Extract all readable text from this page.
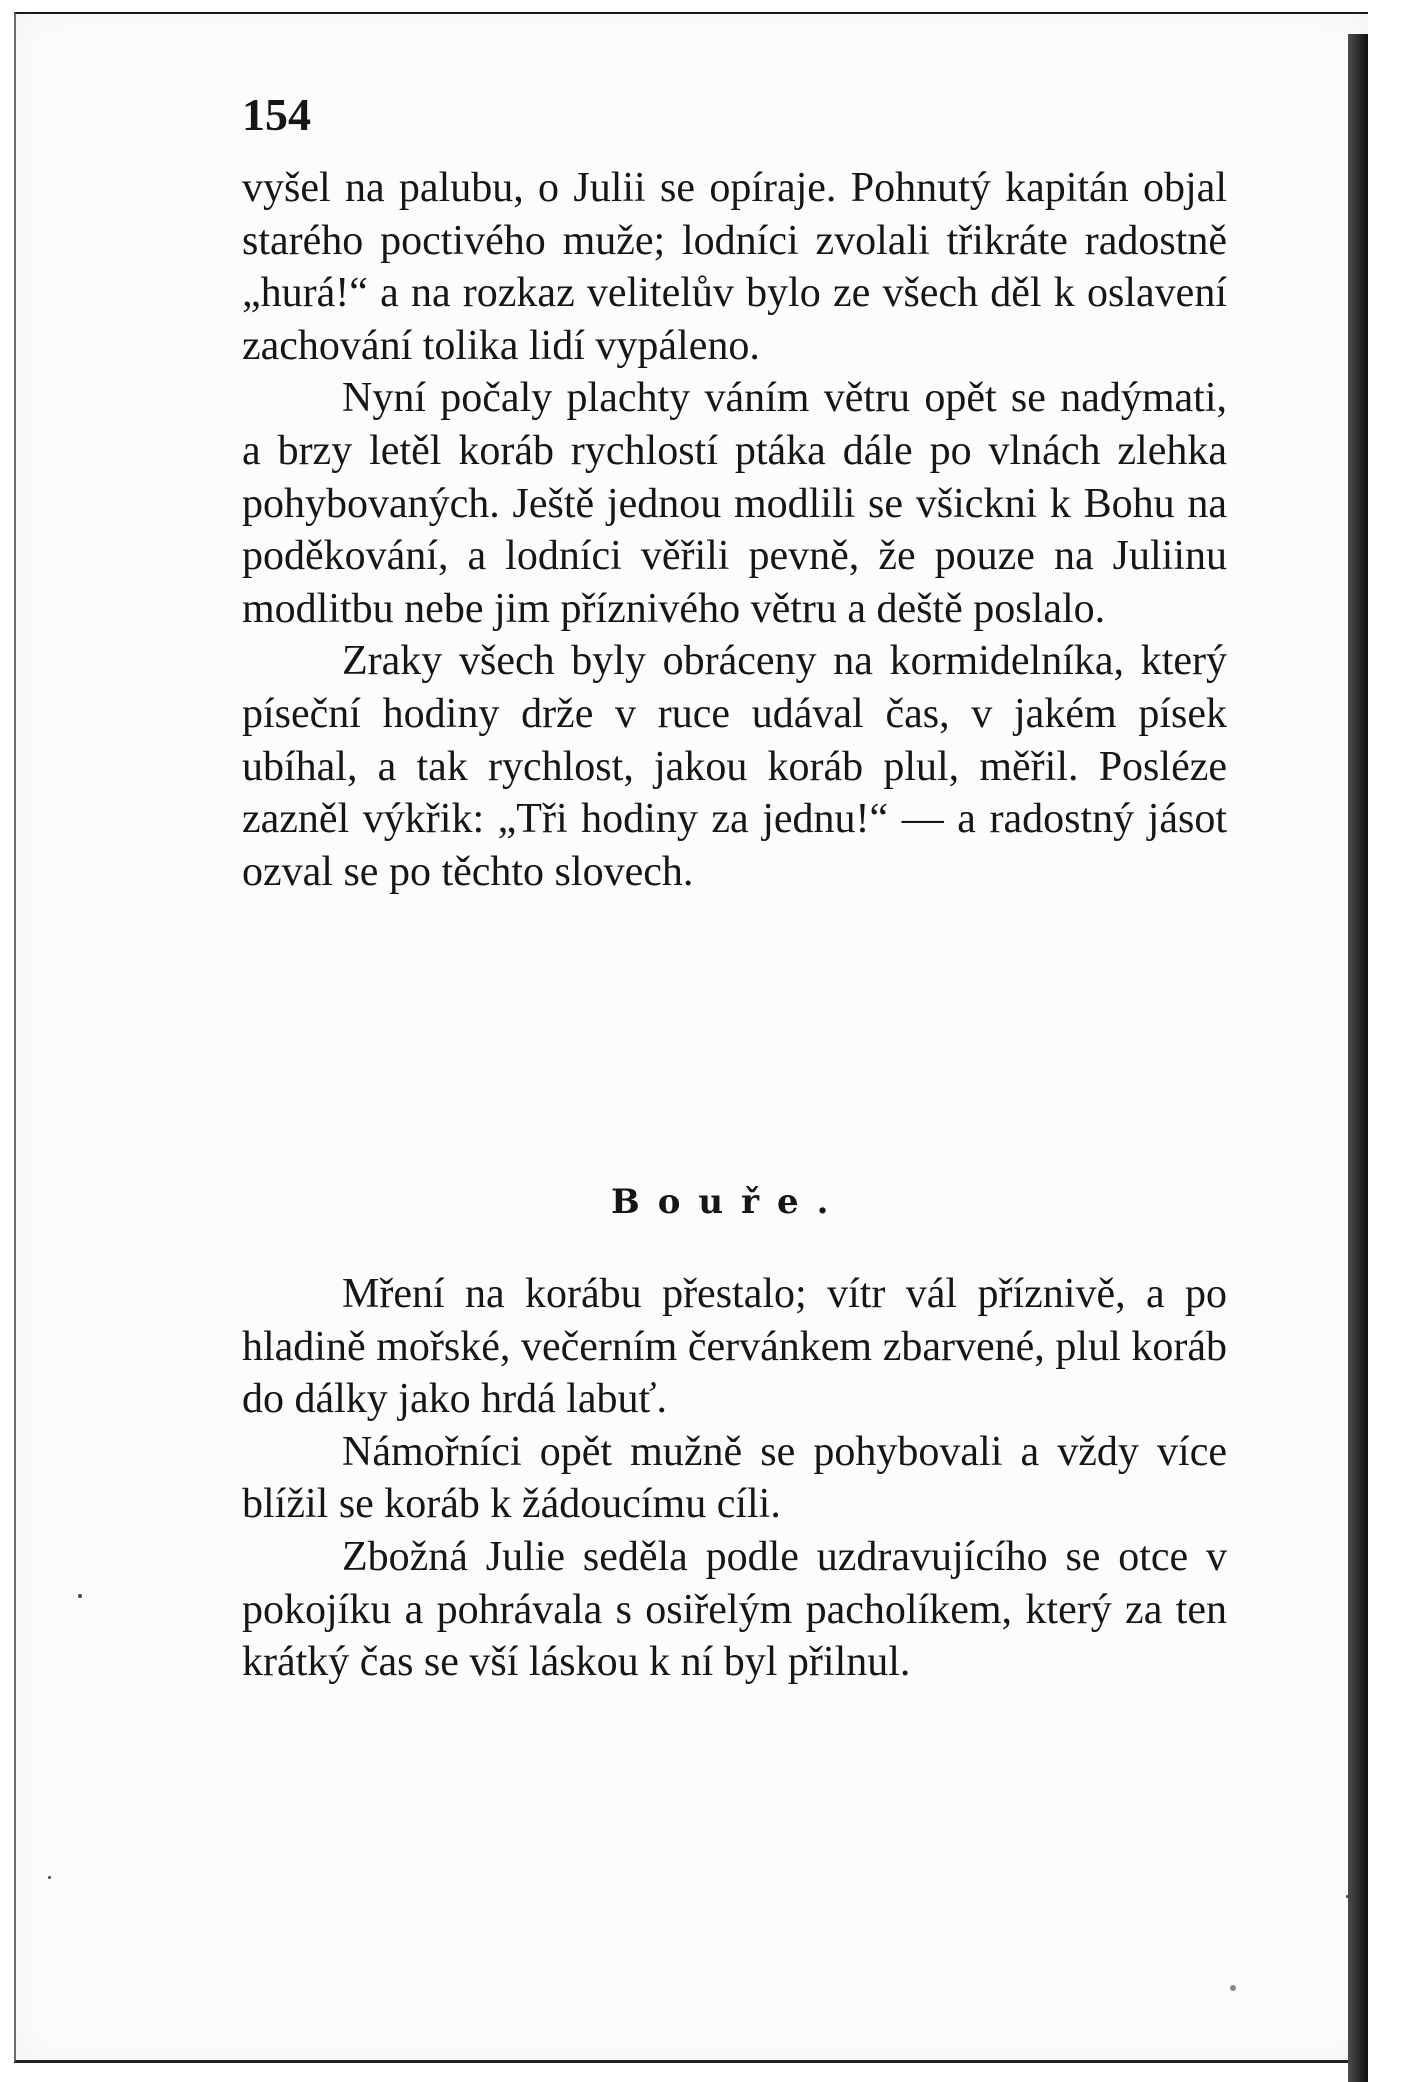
154

vyšel na palubu, o Julii se opíraje. Pohnutý kapitán objal starého poctivého muže; lodníci zvolali třikráte radostně „hurá!“ a na rozkaz velitelův bylo ze všech děl k oslavení zachování tolika lidí vypáleno.

Nyní počaly plachty váním větru opět se nadýmati, a brzy letěl koráb rychlostí ptáka dále po vlnách zlehka pohybovaných. Ještě jednou modlili se všickni k Bohu na poděkování, a lodníci věřili pevně, že pouze na Juliinu modlitbu nebe jim příznivého větru a deště poslalo.

Zraky všech byly obráceny na kormidelníka, který píseční hodiny drže v ruce udával čas, v jakém písek ubíhal, a tak rychlost, jakou koráb plul, měřil. Posléze zazněl výkřik: „Tři hodiny za jednu!“ — a radostný jásot ozval se po těchto slovech.

Bouře.

Mření na korábu přestalo; vítr vál příznivě, a po hladině mořské, večerním červánkem zbarvené, plul koráb do dálky jako hrdá labuť.

Námořníci opět mužně se pohybovali a vždy více blížil se koráb k žádoucímu cíli.

Zbožná Julie seděla podle uzdravujícího se otce v pokojíku a pohrávala s osiřelým pacholíkem, který za ten krátký čas se vší láskou k ní byl přilnul.
